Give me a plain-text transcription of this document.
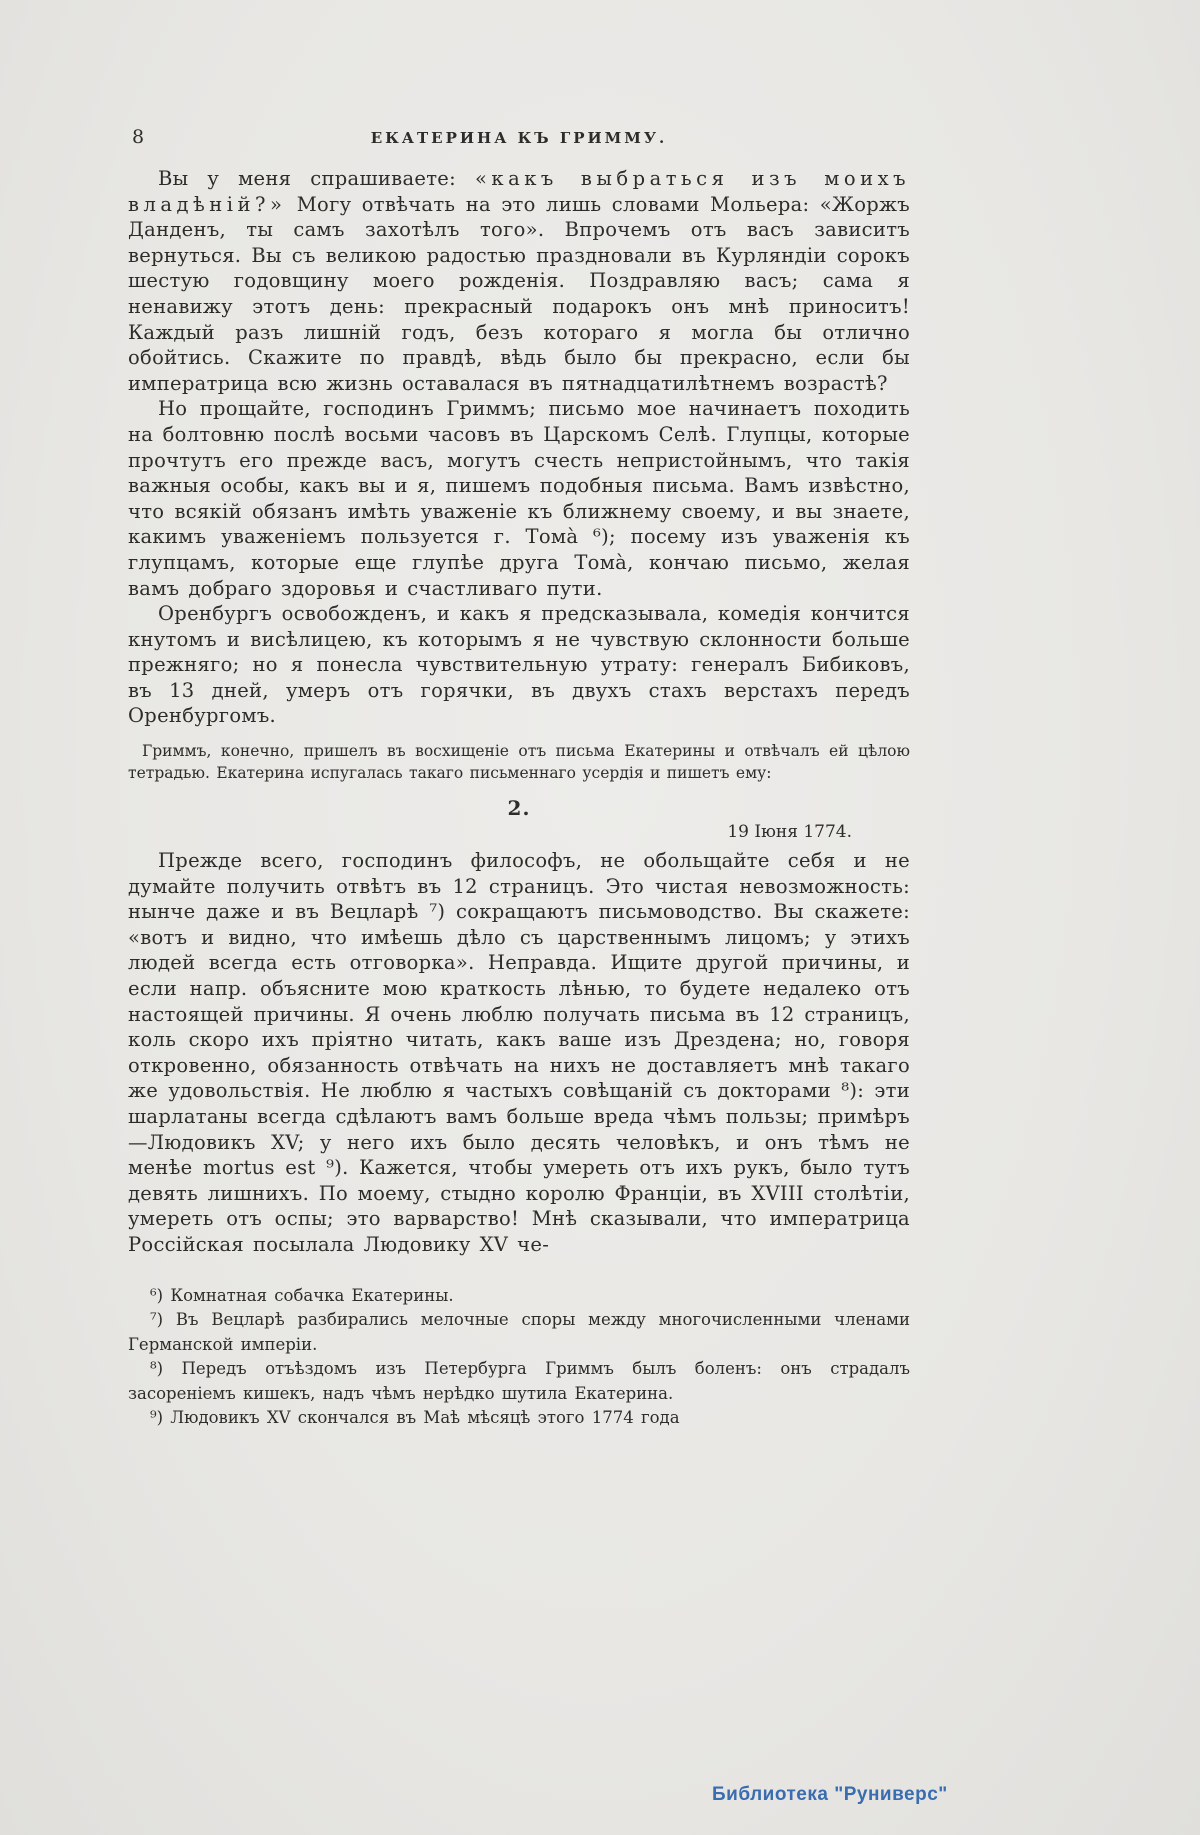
8	ЕКАТЕРИНА КЪ ГРИММУ.

Вы у меня спрашиваете: «какъ выбраться изъ моихъ владѣній?» Могу отвѣчать на это лишь словами Мольера: «Жоржъ Данденъ, ты самъ захотѣлъ того». Впрочемъ отъ васъ зависитъ вернуться. Вы съ великою радостью праздновали въ Курляндіи сорокъ шестую годовщину моего рожденія. Поздравляю васъ; сама я ненавижу этотъ день: прекрасный подарокъ онъ мнѣ приноситъ! Каждый разъ лишній годъ, безъ котораго я могла бы отлично обойтись. Скажите по правдѣ, вѣдь было бы прекрасно, если бы императрица всю жизнь оставалася въ пятнадцатилѣтнемъ возрастѣ?

Но прощайте, господинъ Гриммъ; письмо мое начинаетъ походить на болтовню послѣ восьми часовъ въ Царскомъ Селѣ. Глупцы, которые прочтутъ его прежде васъ, могутъ счесть непристойнымъ, что такія важныя особы, какъ вы и я, пишемъ подобныя письма. Вамъ извѣстно, что всякій обязанъ имѣть уваженіе къ ближнему своему, и вы знаете, какимъ уваженіемъ пользуется г. Томà ⁶); посему изъ уваженія къ глупцамъ, которые еще глупѣе друга Томà, кончаю письмо, желая вамъ добраго здоровья и счастливаго пути.

Оренбургъ освобожденъ, и какъ я предсказывала, комедія кончится кнутомъ и висѣлицею, къ которымъ я не чувствую склонности больше прежняго; но я понесла чувствительную утрату: генералъ Бибиковъ, въ 13 дней, умеръ отъ горячки, въ двухъ стахъ верстахъ передъ Оренбургомъ.

Гриммъ, конечно, пришелъ въ восхищеніе отъ письма Екатерины и отвѣчалъ ей цѣлою тетрадью. Екатерина испугалась такаго письменнаго усердія и пишетъ ему:

2.
19 Іюня 1774.

Прежде всего, господинъ философъ, не обольщайте себя и не думайте получить отвѣтъ въ 12 страницъ. Это чистая невозможность: нынче даже и въ Вецларѣ ⁷) сокращаютъ письмоводство. Вы скажете: «вотъ и видно, что имѣешь дѣло съ царственнымъ лицомъ; у этихъ людей всегда есть отговорка». Неправда. Ищите другой причины, и если напр. объясните мою краткость лѣнью, то будете недалеко отъ настоящей причины. Я очень люблю получать письма въ 12 страницъ, коль скоро ихъ пріятно читать, какъ ваше изъ Дрездена; но, говоря откровенно, обязанность отвѣчать на нихъ не доставляетъ мнѣ такаго же удовольствія. Не люблю я частыхъ совѣщаній съ докторами ⁸): эти шарлатаны всегда сдѣлаютъ вамъ больше вреда чѣмъ пользы; примѣръ—Людовикъ XV; у него ихъ было десять человѣкъ, и онъ тѣмъ не менѣе mortus est ⁹). Кажется, чтобы умереть отъ ихъ рукъ, было тутъ девять лишнихъ. По моему, стыдно королю Франціи, въ XVIII столѣтіи, умереть отъ оспы; это варварство! Мнѣ сказывали, что императрица Россійская посылала Людовику XV че-

⁶) Комнатная собачка Екатерины.

⁷) Въ Вецларѣ разбирались мелочные споры между многочисленными членами Германской имперіи.

⁸) Передъ отъѣздомъ изъ Петербурга Гриммъ былъ боленъ: онъ страдалъ засореніемъ кишекъ, надъ чѣмъ нерѣдко шутила Екатерина.

⁹) Людовикъ XV скончался въ Маѣ мѣсяцѣ этого 1774 года

Библиотека "Руниверс"
